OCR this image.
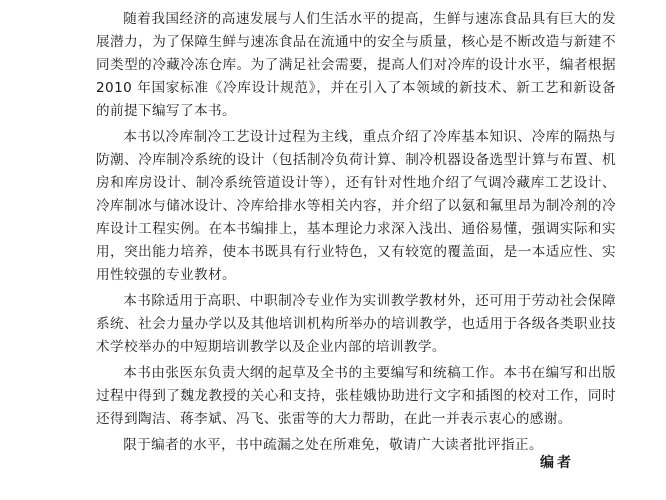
随着我国经济的高速发展与人们生活水平的提高，生鲜与速冻食品具有巨大的发展潜力，为了保障生鲜与速冻食品在流通中的安全与质量，核心是不断改造与新建不同类型的冷藏冷冻仓库。为了满足社会需要，提高人们对冷库的设计水平，编者根据2010 年国家标准《冷库设计规范》，并在引入了本领域的新技术、新工艺和新设备的前提下编写了本书。

本书以冷库制冷工艺设计过程为主线，重点介绍了冷库基本知识、冷库的隔热与防潮、冷库制冷系统的设计（包括制冷负荷计算、制冷机器设备选型计算与布置、机房和库房设计、制冷系统管道设计等），还有针对性地介绍了气调冷藏库工艺设计、冷库制冰与储冰设计、冷库给排水等相关内容，并介绍了以氨和氟里昂为制冷剂的冷库设计工程实例。在本书编排上，基本理论力求深入浅出、通俗易懂，强调实际和实用，突出能力培养，使本书既具有行业特色，又有较宽的覆盖面，是一本适应性、实用性较强的专业教材。

本书除适用于高职、中职制冷专业作为实训教学教材外，还可用于劳动社会保障系统、社会力量办学以及其他培训机构所举办的培训教学，也适用于各级各类职业技术学校举办的中短期培训教学以及企业内部的培训教学。

本书由张医东负责大纲的起草及全书的主要编写和统稿工作。本书在编写和出版过程中得到了魏龙教授的关心和支持，张桂娥协助进行文字和插图的校对工作，同时还得到陶洁、蒋李斌、冯飞、张雷等的大力帮助，在此一并表示衷心的感谢。

限于编者的水平，书中疏漏之处在所难免，敬请广大读者批评指正。

编者
